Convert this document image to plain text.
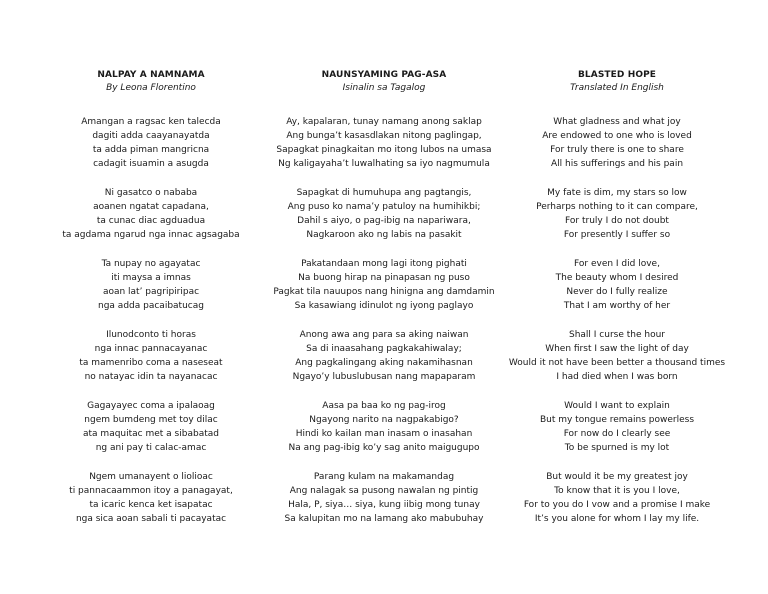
NALPAY A NAMNAMA
By Leona Florentino
Amangan a ragsac ken talecda
dagiti adda caayanayatda
ta adda piman mangricna
cadagit isuamin a asugda
Ni gasatco o nababa
aoanen ngatat capadana,
ta cunac diac agduadua
ta agdama ngarud nga innac agsagaba
Ta nupay no agayatac
iti maysa a imnas
aoan lat’ pagripiripac
nga adda pacaibatucag
Ilunodconto ti horas
nga innac pannacayanac
ta mamenribo coma a naseseat
no natayac idin ta nayanacac
Gagayayec coma a ipalaoag
ngem bumdeng met toy dilac
ata maquitac met a sibabatad
ng ani pay ti calac-amac
Ngem umanayent o liolioac
ti pannacaammon itoy a panagayat,
ta icaric kenca ket isapatac
nga sica aoan sabali ti pacayatac
NAUNSYAMING PAG-ASA
Isinalin sa Tagalog
Ay, kapalaran, tunay namang anong saklap
Ang bunga’t kasasdlakan nitong paglingap,
Sapagkat pinagkaitan mo itong lubos na umasa
Ng kaligayaha’t luwalhating sa iyo nagmumula
Sapagkat di humuhupa ang pagtangis,
Ang puso ko nama’y patuloy na humihikbi;
Dahil s aiyo, o pag-ibig na napariwara,
Nagkaroon ako ng labis na pasakit
Pakatandaan mong lagi itong pighati
Na buong hirap na pinapasan ng puso
Pagkat tila nauupos nang hinigna ang damdamin
Sa kasawiang idinulot ng iyong paglayo
Anong awa ang para sa aking naiwan
Sa di inaasahang pagkakahiwalay;
Ang pagkalingang aking nakamihasnan
Ngayo’y lubuslubusan nang mapaparam
Aasa pa baa ko ng pag-irog
Ngayong narito na nagpakabigo?
Hindi ko kailan man inasam o inasahan
Na ang pag-ibig ko’y sag anito maigugupo
Parang kulam na makamandag
Ang nalagak sa pusong nawalan ng pintig
Hala, P, siya… siya, kung iibig mong tunay
Sa kalupitan mo na lamang ako mabubuhay
BLASTED HOPE
Translated In English
What gladness and what joy
Are endowed to one who is loved
For truly there is one to share
All his sufferings and his pain
My fate is dim, my stars so low
Perharps nothing to it can compare,
For truly I do not doubt
For presently I suffer so
For even I did love,
The beauty whom I desired
Never do I fully realize
That I am worthy of her
Shall I curse the hour
When first I saw the light of day
Would it not have been better a thousand times
I had died when I was born
Would I want to explain
But my tongue remains powerless
For now do I clearly see
To be spurned is my lot
But would it be my greatest joy
To know that it is you I love,
For to you do I vow and a promise I make
It’s you alone for whom I lay my life.
